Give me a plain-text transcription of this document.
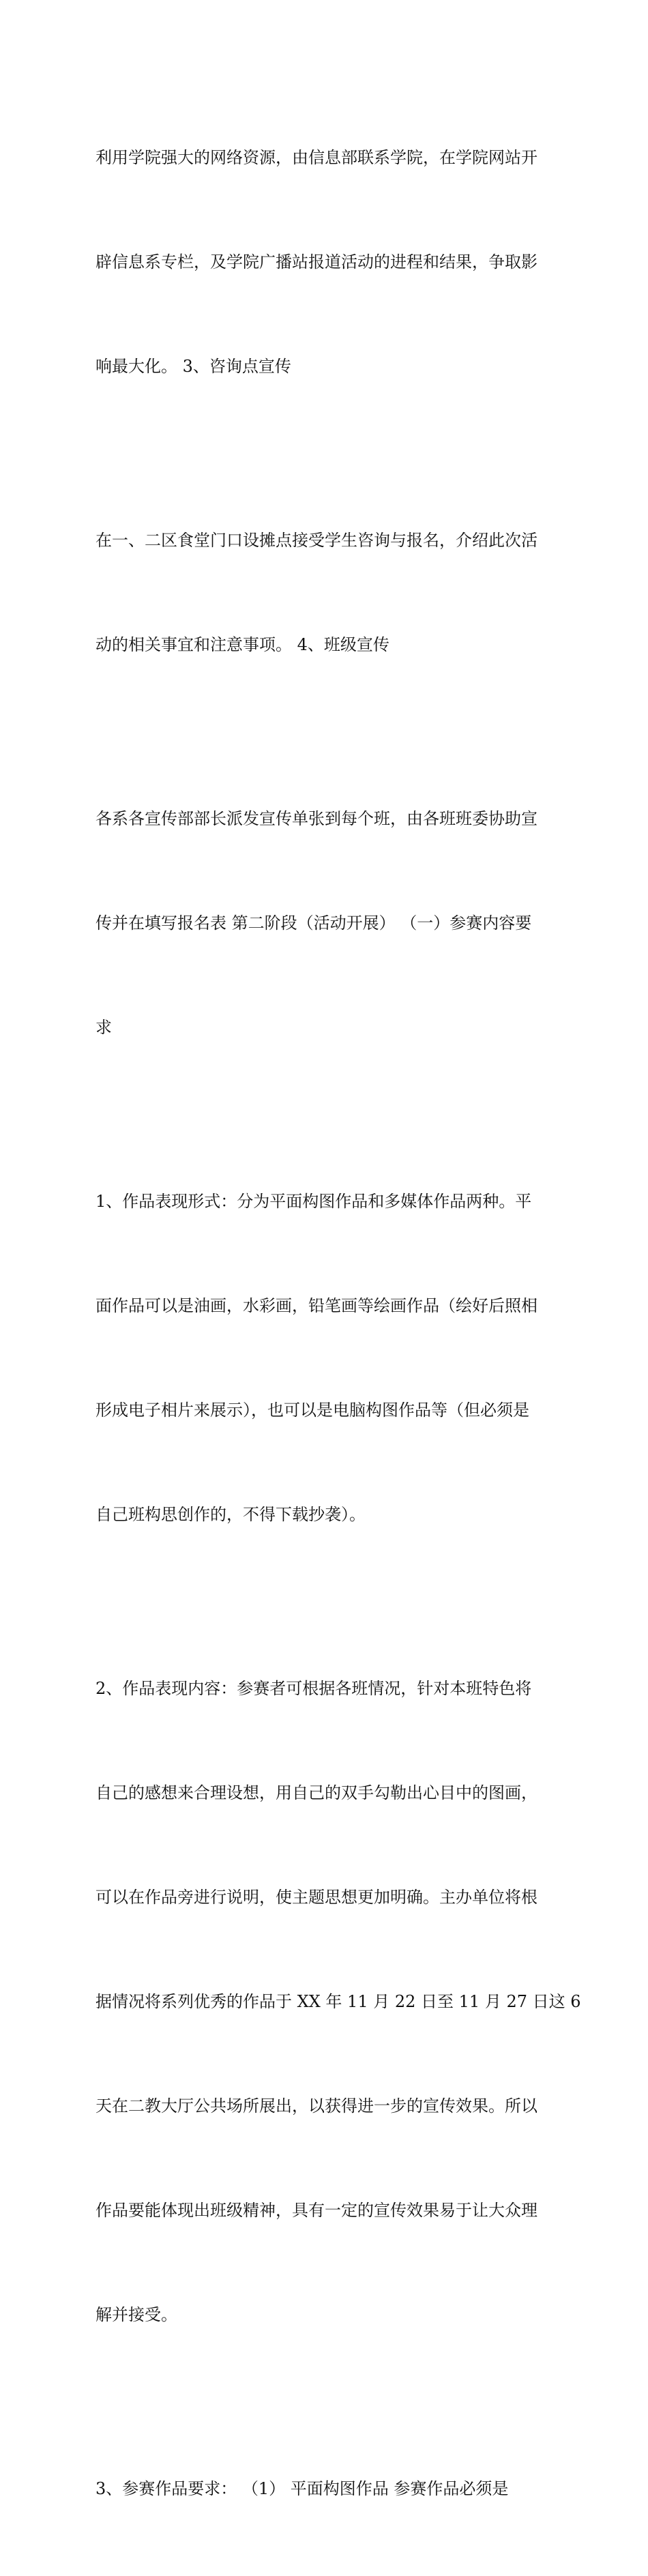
利用学院强大的网络资源，由信息部联系学院，在学院网站开

辟信息系专栏，及学院广播站报道活动的进程和结果，争取影

响最大化。 3、咨询点宣传

在一、二区食堂门口设摊点接受学生咨询与报名，介绍此次活

动的相关事宜和注意事项。 4、班级宣传

各系各宣传部部长派发宣传单张到每个班，由各班班委协助宣

传并在填写报名表 第二阶段（活动开展） （一）参赛内容要

求

1、作品表现形式：分为平面构图作品和多媒体作品两种。平

面作品可以是油画，水彩画，铅笔画等绘画作品（绘好后照相

形成电子相片来展示），也可以是电脑构图作品等（但必须是

自己班构思创作的，不得下载抄袭）。

2、作品表现内容：参赛者可根据各班情况，针对本班特色将

自己的感想来合理设想，用自己的双手勾勒出心目中的图画，

可以在作品旁进行说明，使主题思想更加明确。主办单位将根

据情况将系列优秀的作品于 XX 年 11 月 22 日至 11 月 27 日这 6

天在二教大厅公共场所展出，以获得进一步的宣传效果。所以

作品要能体现出班级精神，具有一定的宣传效果易于让大众理

解并接受。

3、参赛作品要求： （1） 平面构图作品 参赛作品必须是
